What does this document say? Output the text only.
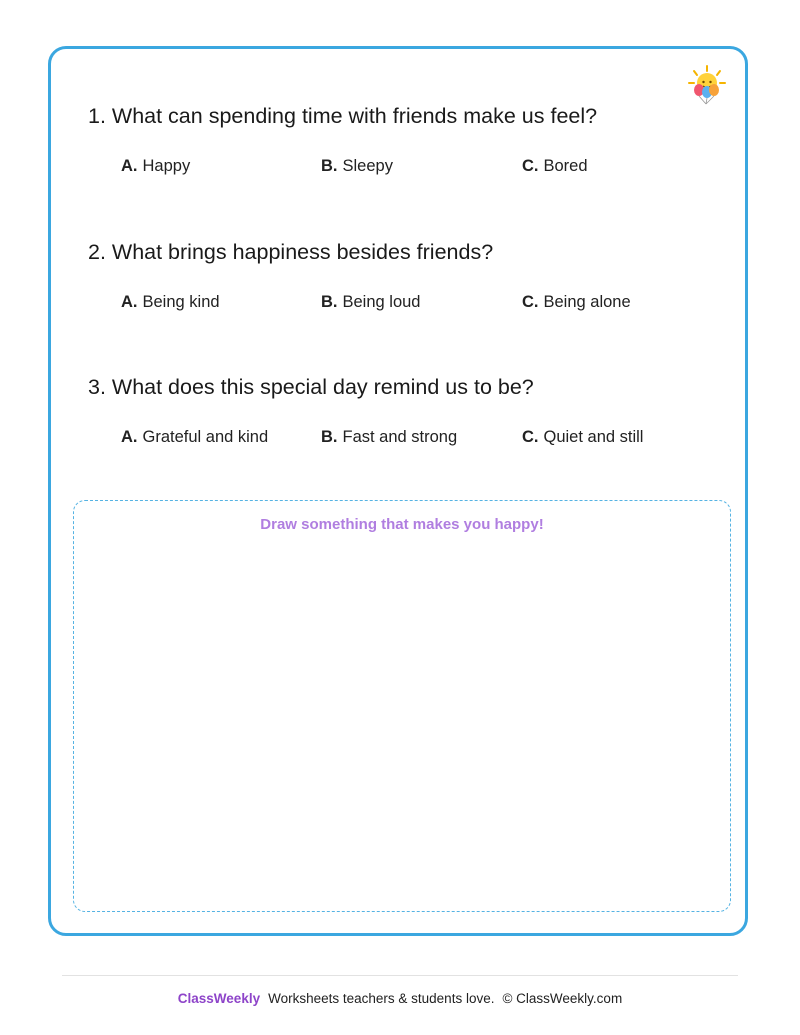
1. What can spending time with friends make us feel?

A. Happy	B. Sleepy	C. Bored

2. What brings happiness besides friends?

A. Being kind	B. Being loud	C. Being alone

3. What does this special day remind us to be?

A. Grateful and kind	B. Fast and strong	C. Quiet and still
Draw something that makes you happy!
ClassWeekly Worksheets teachers & students love. © ClassWeekly.com
